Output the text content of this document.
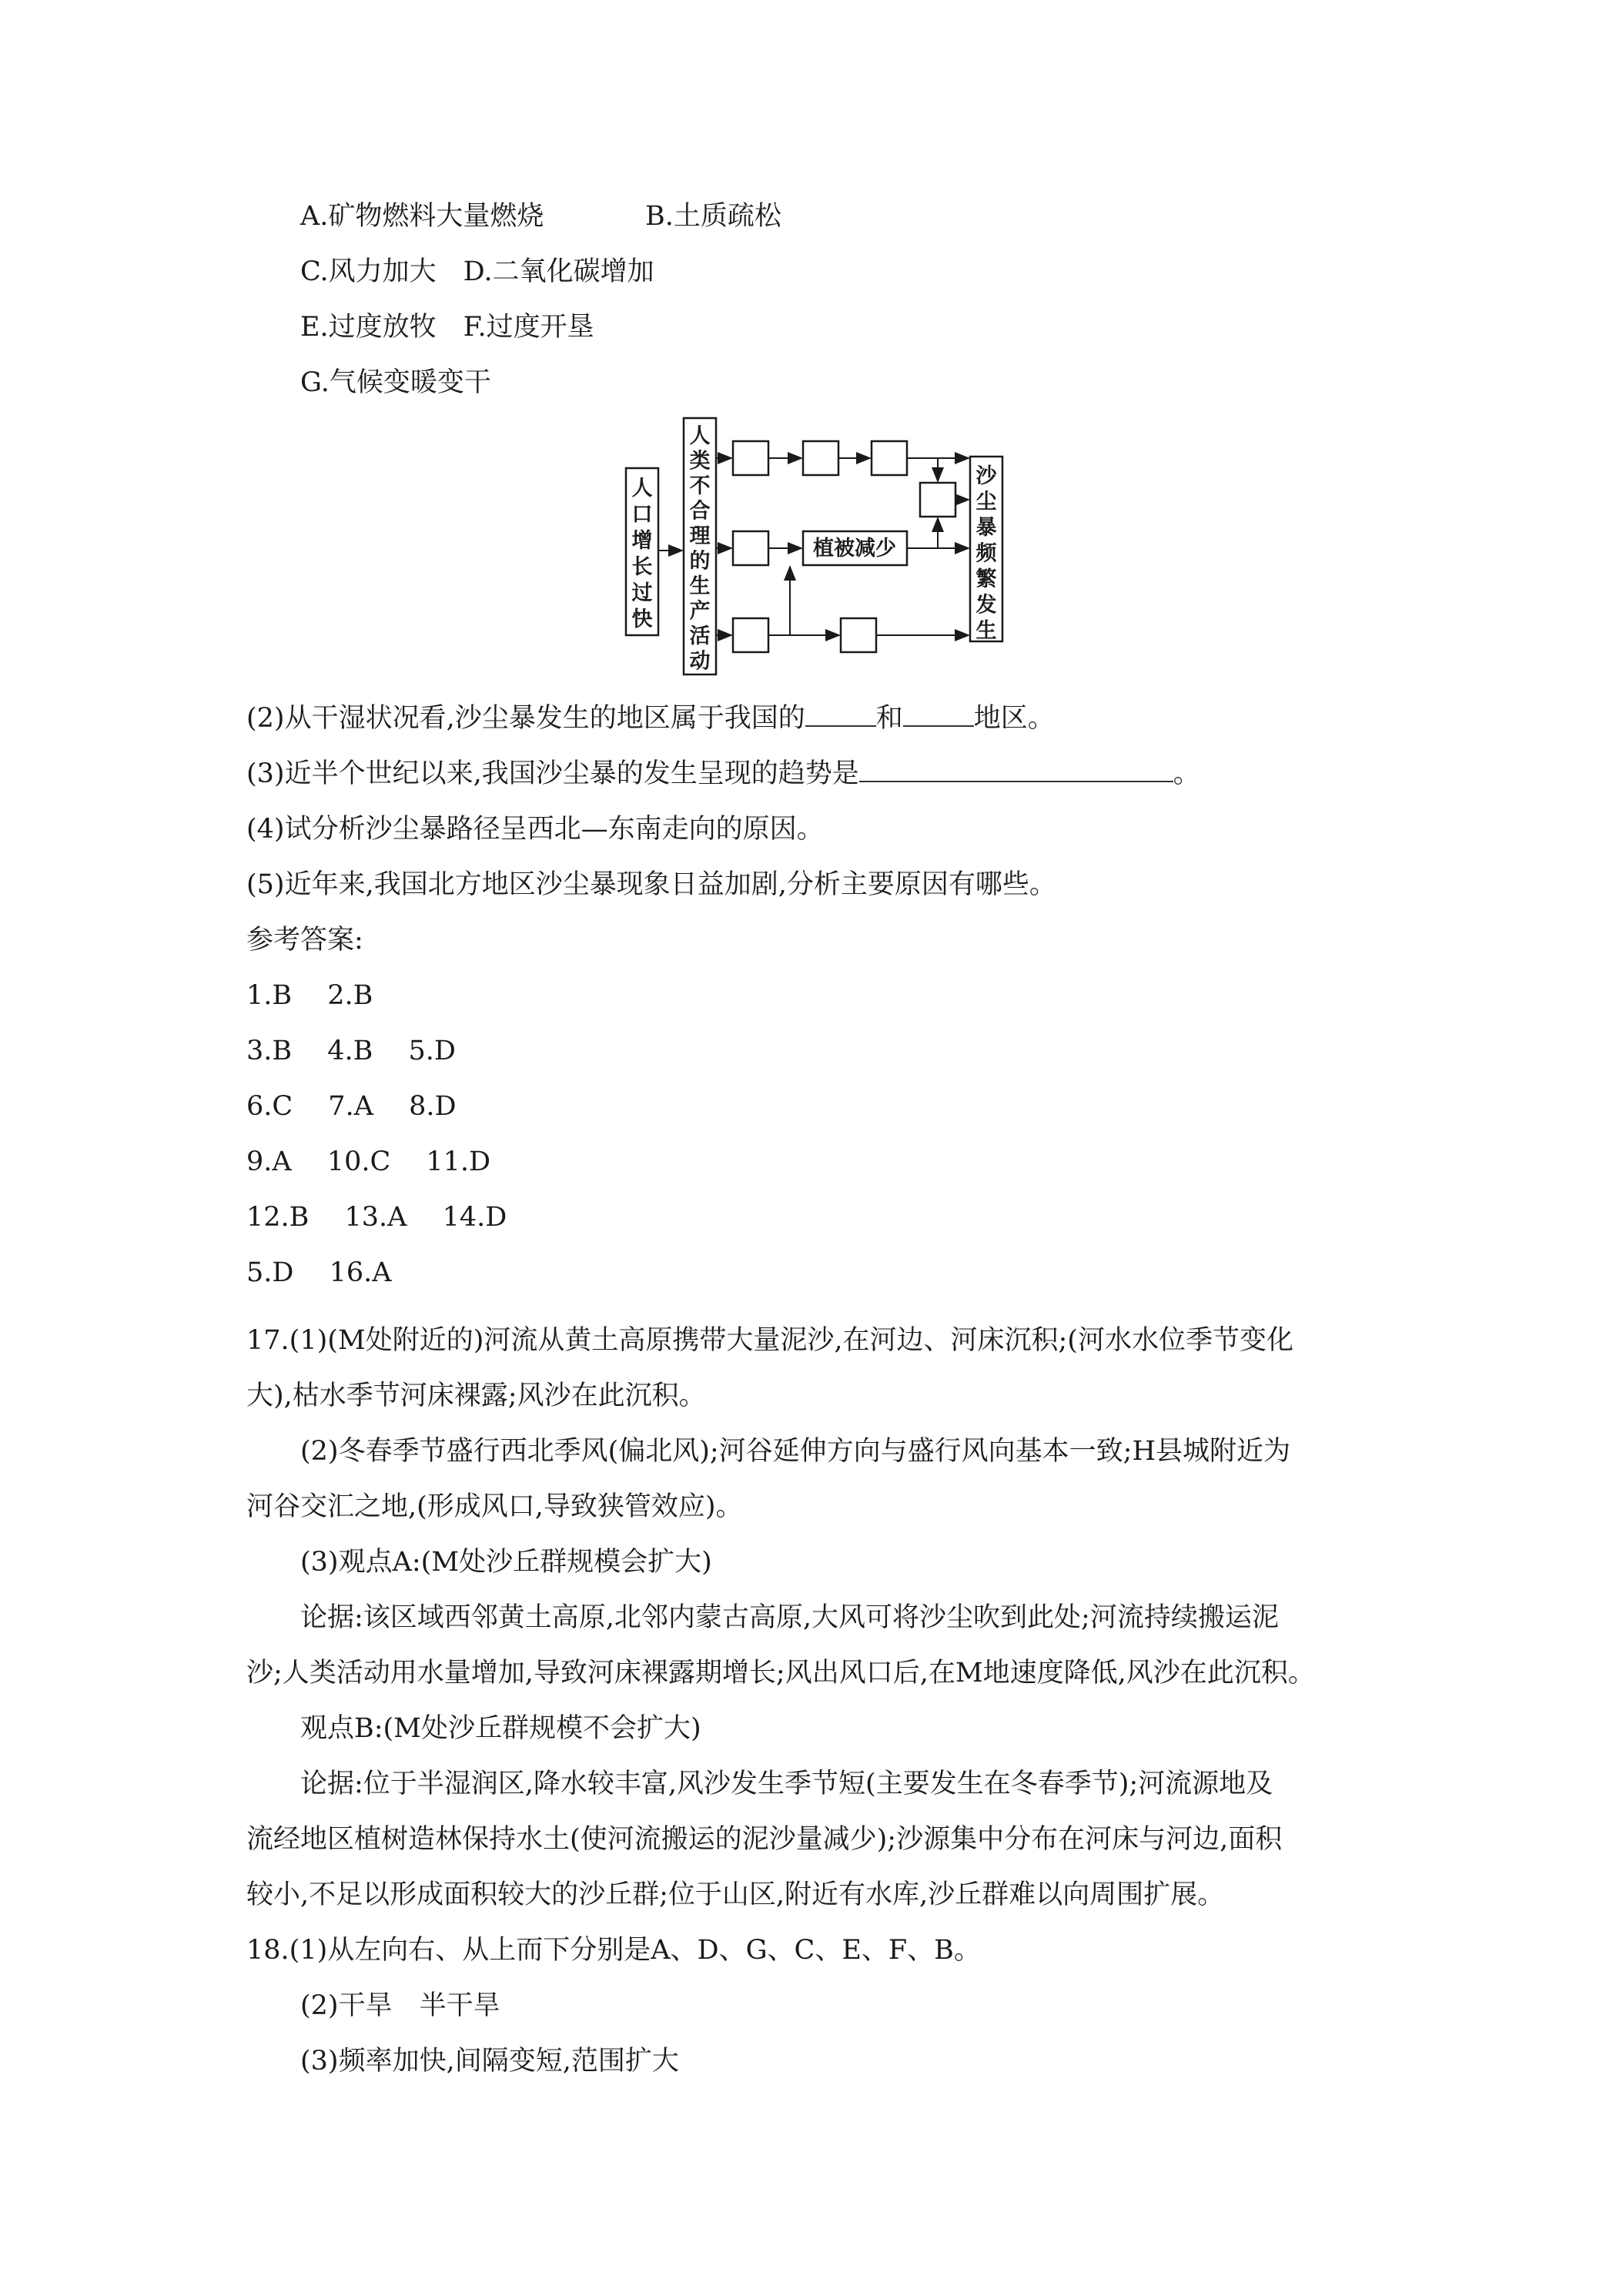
A.矿物燃料大量燃烧	B.土质疏松
C.风力加大　D.二氧化碳增加
E.过度放牧　F.过度开垦
G.气候变暖变干
人
口
增
长
过
快
人
类
不
合
理
的
生
产
活
动
沙
尘
暴
频
繁
发
生
植被减少
(2)从干湿状况看,沙尘暴发生的地区属于我国的	和	地区。
(3)近半个世纪以来,我国沙尘暴的发生呈现的趋势是	。
(4)试分析沙尘暴路径呈西北—东南走向的原因。
(5)近年来,我国北方地区沙尘暴现象日益加剧,分析主要原因有哪些。
参考答案:
1.B　 2.B
3.B　 4.B　 5.D
6.C　 7.A　 8.D
9.A　 10.C　 11.D
12.B　 13.A　 14.D
5.D　 16.A
17.(1)(M处附近的)河流从黄土高原携带大量泥沙,在河边、河床沉积;(河水水位季节变化
大),枯水季节河床裸露;风沙在此沉积。
(2)冬春季节盛行西北季风(偏北风);河谷延伸方向与盛行风向基本一致;H县城附近为
河谷交汇之地,(形成风口,导致狭管效应)。
(3)观点A:(M处沙丘群规模会扩大)
论据:该区域西邻黄土高原,北邻内蒙古高原,大风可将沙尘吹到此处;河流持续搬运泥
沙;人类活动用水量增加,导致河床裸露期增长;风出风口后,在M地速度降低,风沙在此沉积。
观点B:(M处沙丘群规模不会扩大)
论据:位于半湿润区,降水较丰富,风沙发生季节短(主要发生在冬春季节);河流源地及
流经地区植树造林保持水土(使河流搬运的泥沙量减少);沙源集中分布在河床与河边,面积
较小,不足以形成面积较大的沙丘群;位于山区,附近有水库,沙丘群难以向周围扩展。
18.(1)从左向右、从上而下分别是A、D、G、C、E、F、B。
(2)干旱　半干旱
(3)频率加快,间隔变短,范围扩大
